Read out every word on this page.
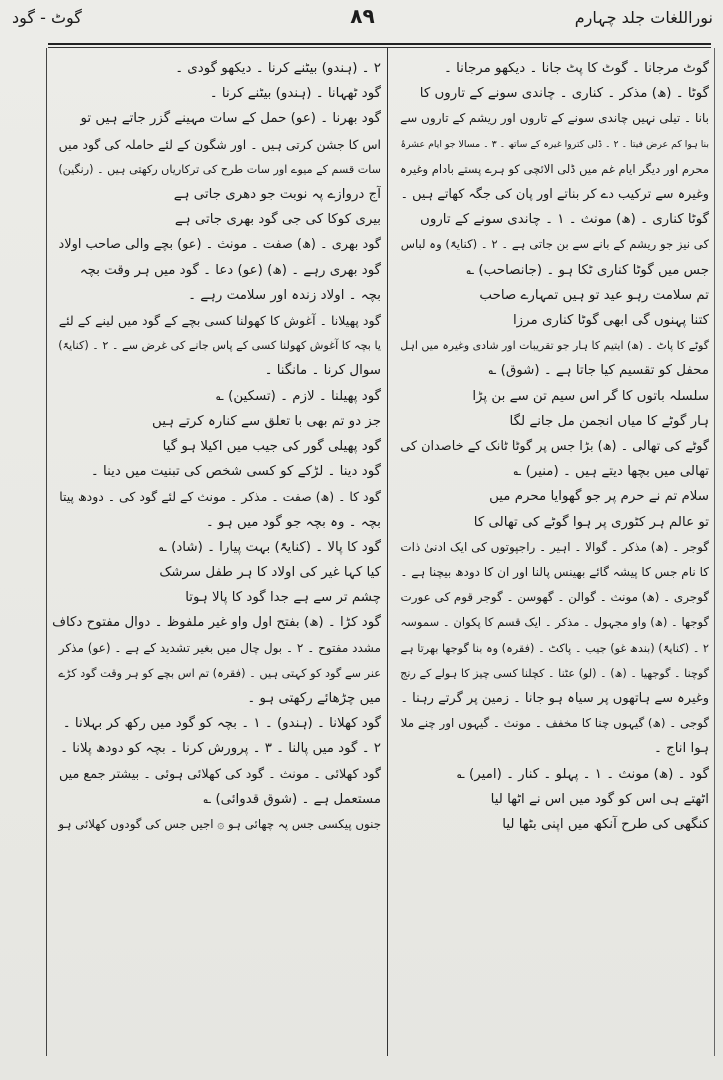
نوراللغات جلد چہارم
۸۹
گوٹ - گود

گوٹ مرجانا ۔ گوٹ کا پٹ جانا ۔ دیکھو مرجانا ۔

گوٹا ۔ (ھ) مذکر ۔ کناری ۔ چاندی سونے کے تاروں کا

بانا ۔ تیلی نہیں چاندی سونے کے تاروں اور ریشم کے تاروں سے

بنا ہوا کم عرض فیتا ۔ ۲ ۔ ڈلی کتروا غیرہ کے ساتھ ۔ ۳ ۔ مسالا جو ایام عشرۂ

محرم اور دیگر ایام غم میں ڈلی الائچی کو ہرے پستے بادام وغیرہ

وغیرہ سے ترکیب دے کر بناتے اور پان کی جگہ کھاتے ہیں ۔

گوٹا کناری ۔ (ھ) مونث ۔ ۱ ۔ چاندی سونے کے تاروں

کی نیز جو ریشم کے بانے سے بن جاتی ہے ۔ ۲ ۔ (کنایۃً) وہ لباس

جس میں گوٹا کناری ٹکا ہو ۔ (جانصاحب) ؎

تم سلامت رہو عید تو ہیں تمہارے صاحب

کتنا پہنوں گی ابھی گوٹا کناری مرزا

گوٹے کا پاٹ ۔ (ھ) ایتیم کا ہار جو تقریبات اور شادی وغیرہ میں اہل

محفل کو تقسیم کیا جاتا ہے ۔ (شوق) ؎

سلسلہ باتوں کا گر اس سیم تن سے بن پڑا

ہار گوٹے کا میاں انجمن مل جانے لگا

گوٹے کی تھالی ۔ (ھ) بڑا جس پر گوٹا ٹانک کے خاصدان کی

تھالی میں بچھا دیتے ہیں ۔ (منیر) ؎

سلام تم نے حرم پر جو گھوایا محرم میں

تو عالم ہر کٹوری پر ہوا گوٹے کی تھالی کا

گوجر ۔ (ھ) مذکر ۔ گوالا ۔ اہیر ۔ راجپوتوں کی ایک ادنیٰ ذات

کا نام جس کا پیشہ گائے بھینس پالنا اور ان کا دودھ بیچنا ہے ۔

گوجری ۔ (ھ) مونث ۔ گوالن ۔ گھوسن ۔ گوجر قوم کی عورت

گوجھا ۔ (ھ) واو مجہول ۔ مذکر ۔ ایک قسم کا پکوان ۔ سموسہ

۲ ۔ (کنایۃً) (بندھ غو) جیب ۔ پاکٹ ۔ (فقرہ) وہ بنا گوجھا بھرتا ہے

گوچنا ۔ گوجھیا ۔ (ھ) ۔ (لو) عٹنا ۔ کچلنا کسی چیز کا ہولے کے رنج

وغیرہ سے ہاتھوں پر سیاہ ہو جانا ۔ زمین پر گرتے رہنا ۔

گوجی ۔ (ھ) گیہوں چنا کا مخفف ۔ مونث ۔ گیہوں اور چنے ملا

ہوا اناج ۔

گود ۔ (ھ) مونث ۔ ۱ ۔ پہلو ۔ کنار ۔ (امیر) ؎

اٹھتے ہی اس کو گود میں اس نے اٹھا لیا

کنگھی کی طرح آنکھ میں اپنی بٹھا لیا

۲ ۔ (ہندو) بیٹنے کرنا ۔ دیکھو گودی ۔

گود ٹھہانا ۔ (ہندو) بیٹنے کرنا ۔

گود بھرنا ۔ (عو) حمل کے سات مہینے گزر جاتے ہیں تو

اس کا جشن کرتی ہیں ۔ اور شگون کے لئے حاملہ کی گود میں

سات قسم کے میوے اور سات طرح کی ترکاریاں رکھتی ہیں ۔ (رنگین)

آج دروازے پہ نوبت جو دھری جاتی ہے

بیری کوکا کی جی گود بھری جاتی ہے

گود بھری ۔ (ھ) صفت ۔ مونث ۔ (عو) بچے والی صاحب اولاد

گود بھری رہے ۔ (ھ) (عو) دعا ۔ گود میں ہر وقت بچہ

بچہ ۔ اولاد زندہ اور سلامت رہے ۔

گود پھیلانا ۔ آغوش کا کھولنا کسی بچے کے گود میں لینے کے لئے

یا بچہ کا آغوش کھولنا کسی کے پاس جانے کی غرض سے ۔ ۲ ۔ (کنایۃً)

سوال کرنا ۔ مانگنا ۔

گود پھیلنا ۔ لازم ۔ (تسکین) ؎

جز دو تم بھی با تعلق سے کنارہ کرتے ہیں

گود پھیلی گور کی جیب میں اکیلا ہو گیا

گود دینا ۔ لڑکے کو کسی شخص کی تبنیت میں دینا ۔

گود کا ۔ (ھ) صفت ۔ مذکر ۔ مونث کے لئے گود کی ۔ دودھ پیتا

بچہ ۔ وہ بچہ جو گود میں ہو ۔

گود کا پالا ۔ (کنایۃً) بہت پیارا ۔ (شاد) ؎

کیا کہا غیر کی اولاد کا ہر طفل سرشک

چشم تر سے ہے جدا گود کا پالا ہوتا

گود کڑا ۔ (ھ) بفتح اول واو غیر ملفوظ ۔ دوال مفتوح دکاف

مشدد مفتوح ۔ ۲ ۔ بول چال میں بغیر تشدید کے ہے ۔ (عو) مذکر

عنر سے گود کو کہتی ہیں ۔ (فقرہ) تم اس بچے کو ہر وقت گود کڑے

میں چڑھائے رکھتی ہو ۔

گود کھلانا ۔ (ہندو) ۔ ۱ ۔ بچہ کو گود میں رکھ کر بہلانا ۔

۲ ۔ گود میں پالنا ۔ ۳ ۔ پرورش کرنا ۔ بچہ کو دودھ پلانا ۔

گود کھلائی ۔ مونث ۔ گود کی کھلائی ہوئی ۔ بیشتر جمع میں

مستعمل ہے ۔ (شوق قدوائی) ؎

جنوں پیکسی جس پہ چھائی ہو ۞ اجیں جس کی گودوں کھلائی ہو
